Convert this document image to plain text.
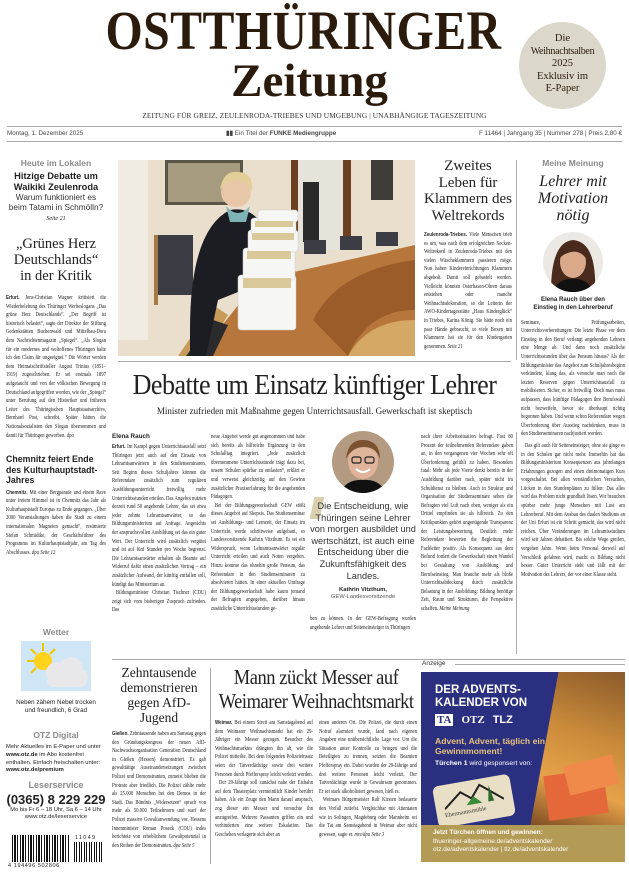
OSTTHÜRINGER
Zeitung
Die
Weihnachtsalben
2025
Exklusiv im
E-Paper
ZEITUNG FÜR GREIZ, ZEULENRODA-TRIEBES UND UMGEBUNG | UNABHÄNGIGE TAGESZEITUNG
Montag, 1. Dezember 2025	▮▮ Ein Titel der FUNKE Mediengruppe	F 11464 | Jahrgang 35 | Nummer 278 | Preis 2,80 €
Heute im Lokalen
Hitzige Debatte um Waikiki Zeulenroda
Warum funktioniert es beim Tatami in Schmölln?
Seite 21
„Grünes Herz Deutschlands“ in der Kritik

Erfurt. Jens-Christian Wagner kritisiert die Wiederbelebung des Thüringer Werbeslogans „Das grüne Herz Deutschlands“. „Der Begriff ist historisch belastet“, sagte der Direktor der Stiftung Gedenkstätten Buchenwald und Mittelbau-Dora dem Nachrichtenmagazin „Spiegel“. „Als Slogan für ein modernes und weltoffenes Thüringen halte ich den Claim für ungeeignet.“ Die Wörter werden dem Heimatschriftsteller August Trinius (1851–1919) zugeschrieben. Er sei erstmals 1897 aufgetaucht und von der völkischen Bewegung in Deutschland aufgegriffen worden, wie der „Spiegel“ unter Berufung auf den Historiker und früheren Leiter des Thüringischen Hauptstaatsarchivs, Bernhard Post, schreibt. Später hätten die Nationalsozialisten den Slogan übernommen und damit für Thüringen geworben. dpa

Chemnitz feiert Ende des Kulturhauptstadt-Jahres

Chemnitz. Mit einer Bergparade und einem Rave unter freiem Himmel ist in Chemnitz das Jahr als Kulturhauptstadt Europas zu Ende gegangen. „Über 2000 Veranstaltungen haben die Stadt zu einem internationalen Magneten gemacht“, resümierte Stefan Schmidtke, der Geschäftsführer des Programms im Kulturhauptstadtjahr, am Tag des Abschlusses. dpa Seite 12

Wetter
Neben zähem Nebel trocken und freundlich, 6 Grad
OTZ Digital
Mehr Aktuelles im E-Paper und unter www.otz.de im Abo kostenfrei enthalten. Einfach freischalten unter:
www.otz.de/premium
Leserservice
(0365) 8 229 229
Mo bis Fr 6 – 18 Uhr, Sa 6 – 14 Uhr
www.otz.de/leserservice
11049
4 194496 502806
Zweites Leben für Klammern des Weltrekords

Zeulenroda-Triebes. Viele Menschen trieb es um, was nach dem erfolgreichen Socken-Weltrekord in Zeulenroda-Triebes mit den vielen Wäscheklammern passieren möge. Nun haben Kindereinrichtungen Klammern abgeholt. Damit soll gebastelt werden. Vielleicht könnten Osterhasen-Ohren daraus entstehen oder manche Weihnachtsdekoration, so die Leiterin der AWO-Kindertagesstätte „Haus Kinderglück“ in Triebes, Karina König. Sie hätte noch ein paar Hände gebraucht, so viele Boxen mit Klammern hat sie für den Kindergarten genommen. Seite 21

Meine Meinung
Lehrer mit Motivation nötig
Elena Rauch über den Einstieg in den Lehrerberuf

Seminare, Prüfungsarbeiten, Unterrichtsvorbereitungen: Die letzte Phase vor dem Einstieg in den Beruf verlangt angehenden Lehrern eine Menge ab. Und dann noch zusätzliche Unterrichtsstunden über das Pensum hinaus? Als der Bildungsminister das Angebot zum Schuljahresbeginn verkündete, klang das, als versuche man noch die letzten Reserven gegen Unterrichtsausfall zu mobilisieren. Sicher, es ist freiwillig. Doch man muss aufpassen, dass künftige Pädagogen ihre Berufswahl nicht bezweifeln, bevor sie überhaupt richtig begonnen haben. Und wenn schon Referendare wegen Überforderung über Ausstieg nachdenken, muss in den Studienseminaren nachjustiert werden.

Das gilt auch für Seiteneinsteiger, ohne sie ginge es in den Schulen gar nicht mehr. Immerhin hat das Bildungsministerium Konsequenzen aus jahrelangen Erfahrungen gezogen und einen dreimonatigen Kurs vorgeschaltet. Bei allen verständlichen Versuchen, Lücken in den Stundenplänen zu füllen: Das alles wird das Problem nicht grundhaft lösen. Wir brauchen spürbar mehr junge Menschen mit Lust am Lehrerberuf. Mit dem Ausbau des dualen Studiums an der Uni Erfurt ist ein Schritt gemacht, das wird nicht reichen. Über Veränderungen im Lehramtsstudium wird seit Jahren debattiert. Bis solche Wege greifen, vergehen Jahre. Wenn beim Personal derweil auf Verschleiß gefahren wird, macht es Bildung nicht besser. Guter Unterricht steht und fällt mit der Motivation des Lehrers, der vor einer Klasse steht.

Debatte um Einsatz künftiger Lehrer
Minister zufrieden mit Maßnahme gegen Unterrichtsausfall. Gewerkschaft ist skeptisch
Elena Rauch

Erfurt. Im Kampf gegen Unterrichtsausfall setzt Thüringen jetzt auch auf den Einsatz von Lehramtsanwärtern in den Studienseminaren. Seit Beginn dieses Schuljahres können die Referendare zusätzlich zum regulären Ausbildungsunterricht freiwillig mehr Unterrichtsstunden erteilen. Das Angebot nutzten derzeit rund 50 angehende Lehrer, das sei etwa jeder zehnte Lehramtsanwärter, so das Bildungsministerium auf Anfrage. Angesichts der anspruchsvollen Ausbildung sei das ein guter Wert. Der Unterricht wird zusätzlich vergütet und ist auf fünf Stunden pro Woche begrenzt. Die Lehramtsanwärter erhalten als Beamte auf Widerruf dafür einen zusätzlichen Vertrag – ein zusätzlicher Aufwand, der künftig entfallen soll, kündigt das Ministerium an.

Bildungsminister Christian Tischner (CDU) zeigt sich vom bisherigen Zuspruch zufrieden. Das

neue Angebot werde gut angenommen und habe sich bereits als hilfreiche Ergänzung in den Schulalltag integriert. „Jede zusätzlich übernommene Unterrichtsstunde trägt dazu bei, unsere Schulen spürbar zu entlasten“, erklärt er und verweist gleichzeitig auf den Gewinn zusätzlicher Praxiserfahrung für die angehenden Pädagogen.

Bei der Bildungsgewerkschaft GEW stößt dieses Angebot auf Skepsis. Das Studienseminar sei Ausbildungs- und Lernzeit, der Einsatz im Unterricht werde schrittweise aufgebaut, so Landesvorsitzende Kathrin Vitzthum. Es sei ein Widerspruch, wenn Lehramtsanwärter regulär Unterricht erteilen und auch Noten vergeben. Hinzu komme das ohnehin große Pensum, das Referendare in den Studienseminaren zu absolvieren hätten. In einer aktuellen Umfrage der Bildungsgewerkschaft habe kaum jemand der Befragten angegeben, darüber hinaus zusätzliche Unterrichtsstunden ge-

Die Entscheidung, wie Thüringen seine Lehrer von morgen ausbildet und wertschätzt, ist auch eine Entscheidung über die Zukunftsfähigkeit des Landes.
Kathrin Vitzthum,
GEW-Landesvorsitzende

ben zu können. In der GEW-Befragung wurden angehende Lehrer und Seiteneinsteiger in Thüringen

nach ihrer Arbeitssituation befragt. Fast 80 Prozent der teilnehmenden Referendare gaben an, in den vergangenen vier Wochen sehr oft Überforderung gefühlt zu haben. Besonders fatal: Mehr als jede Vierte denkt bereits in der Ausbildung darüber nach, später nicht im Schuldienst zu bleiben. Auch in Struktur und Organisation der Studienseminare sehen die Befragten viel Luft nach oben, weniger als ein Drittel empfinden sie als hilfreich. Zu den Kritikpunkten gehört ungenügende Transparenz der Leistungsbewertung. Deutlich mehr Referendare bewerten die Begleitung der Fachleiter positiv. Als Konsequenz aus dem Befund fordert die Gewerkschaft einen Wandel bei Gestaltung von Ausbildung und Berufseinstieg. Man brauche mehr als bloße Unterrichtsabdeckung durch zusätzliche Belastung in der Ausbildung: Bildung benötige Zeit, Raum und Strukturen, die Perspektive schaffen. Meine Meinung

Zehntausende demonstrieren gegen AfD-Jugend

Gießen. Zehntausende haben am Samstag gegen den Gründungskongress der neuen AfD-Nachwuchsorganisation Generation Deutschland in Gießen (Hessen) demonstriert. Es gab gewalttätige Auseinandersetzungen zwischen Polizei und Demonstranten, zumeist blieben die Proteste aber friedlich. Die Polizei zählte mehr als 25.000 Menschen bei den Demos in der Stadt. Das Bündnis „Widersetzen“ sprach von mehr als 50.000 Teilnehmern und warf der Polizei massive Gewaltanwendung vor. Hessens Innenminister Roman Poseck (CDU) indes berichtete von erheblichem Gewaltpotenzial in den Reihen der Demonstranten. dpa Seite 5

Mann zückt Messer auf Weimarer Weihnachtsmarkt

Weimar. Bei einem Streit am Samstagabend auf dem Weimarer Weihnachtsmarkt hat ein 29-Jähriger ein Messer gezogen. Besucher des Weihnachtsmarktes drängten ihn ab, wie die Polizei mitteilte. Bei dem folgenden Polizeieinsatz seien der Tatverdächtige sowie drei weitere Personen durch Pfefferspray leicht verletzt worden.

Der 29-Jährige soll zunächst nahe der Eisbahn auf dem Theaterplatz vermeintlich Kinder berührt haben. Als ein Zeuge den Mann darauf ansprach, zog dieser ein Messer und versuchte ihn anzugreifen. Mehrere Passanten griffen ein und verhinderten eine weitere Eskalation. Das Geschehen verlagerte sich aber an

einen anderen Ort. Die Polizei, die durch einen Notruf alarmiert wurde, fand nach eigenen Angaben eine unübersichtliche Lage vor. Um die Situation unter Kontrolle zu bringen und die Beteiligten zu trennen, setzten die Beamten Pfefferspray ein. Dabei wurden der 29-Jährige und drei weitere Personen leicht verletzt. Der Tatverdächtige wurde in Gewahrsam genommen. Er sei stark alkoholisiert gewesen, hieß es.

Weimars Bürgermeister Ralf Kirsten bedauerte den Vorfall zutiefst. Vergleichbar mit Attentaten wie in Solingen, Magdeburg oder Mannheim sei die Tat am Samstagabend in Weimar aber nicht gewesen, sagte er. mre/dpa Seite 3

Anzeige
DER ADVENTS-KALENDER VON
TA OTZ TLZ
Advent, Advent, täglich ein Gewinnmoment!
Türchen 1 wird gesponsert von:
Ebermannsmühle
Jetzt Türchen öffnen und gewinnen:
thueringer-allgemeine.de/adventskalender
otz.de/adventskalender | tlz.de/adventskalender
